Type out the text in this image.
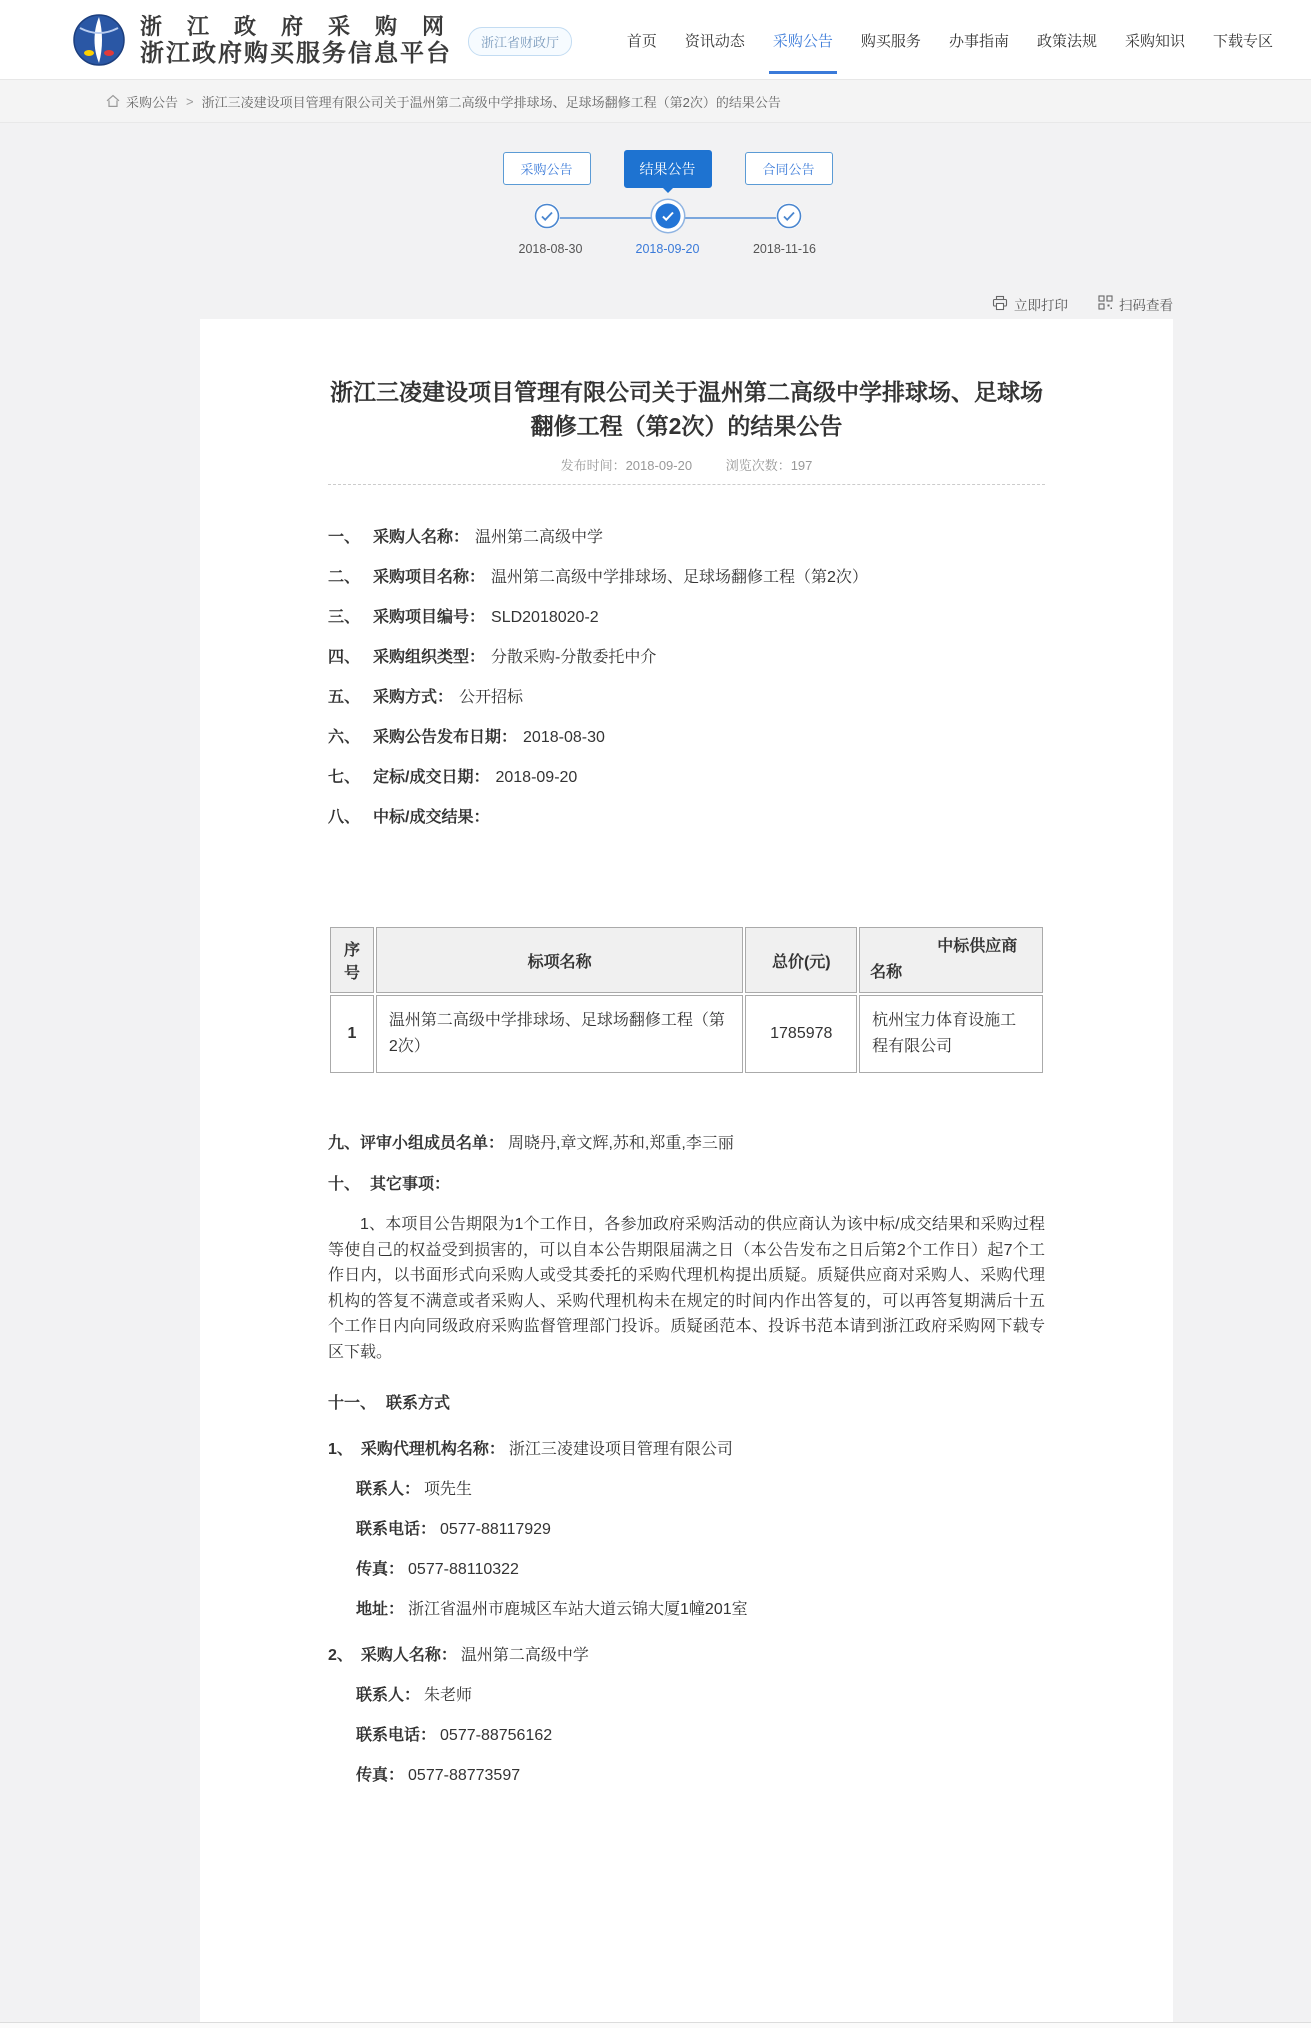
浙江政府采购网
浙江政府购买服务信息平台	浙江省财政厅	首页	资讯动态	采购公告	购买服务	办事指南	政策法规	采购知识	下载专区
采购公告 > 浙江三凌建设项目管理有限公司关于温州第二高级中学排球场、足球场翻修工程（第2次）的结果公告
采购公告	结果公告	合同公告
2018-08-30	2018-09-20	2018-11-16
立即打印	扫码查看
浙江三凌建设项目管理有限公司关于温州第二高级中学排球场、足球场翻修工程（第2次）的结果公告
发布时间：2018-09-20	浏览次数：197
一、 采购人名称： 温州第二高级中学
二、 采购项目名称： 温州第二高级中学排球场、足球场翻修工程（第2次）
三、 采购项目编号： SLD2018020-2
四、 采购组织类型： 分散采购-分散委托中介
五、 采购方式： 公开招标
六、 采购公告发布日期： 2018-08-30
七、 定标/成交日期： 2018-09-20
八、 中标/成交结果：
序号	标项名称	总价(元)	中标供应商名称
1	温州第二高级中学排球场、足球场翻修工程（第2次）	1785978	杭州宝力体育设施工程有限公司
九、评审小组成员名单： 周晓丹,章文辉,苏和,郑重,李三丽
十、 其它事项：

1、本项目公告期限为1个工作日，各参加政府采购活动的供应商认为该中标/成交结果和采购过程等使自己的权益受到损害的，可以自本公告期限届满之日（本公告发布之日后第2个工作日）起7个工作日内，以书面形式向采购人或受其委托的采购代理机构提出质疑。质疑供应商对采购人、采购代理机构的答复不满意或者采购人、采购代理机构未在规定的时间内作出答复的，可以再答复期满后十五个工作日内向同级政府采购监督管理部门投诉。质疑函范本、投诉书范本请到浙江政府采购网下载专区下载。

十一、 联系方式
1、 采购代理机构名称： 浙江三凌建设项目管理有限公司
联系人： 项先生
联系电话： 0577-88117929
传真： 0577-88110322
地址： 浙江省温州市鹿城区车站大道云锦大厦1幢201室
2、 采购人名称： 温州第二高级中学
联系人： 朱老师
联系电话： 0577-88756162
传真： 0577-88773597
